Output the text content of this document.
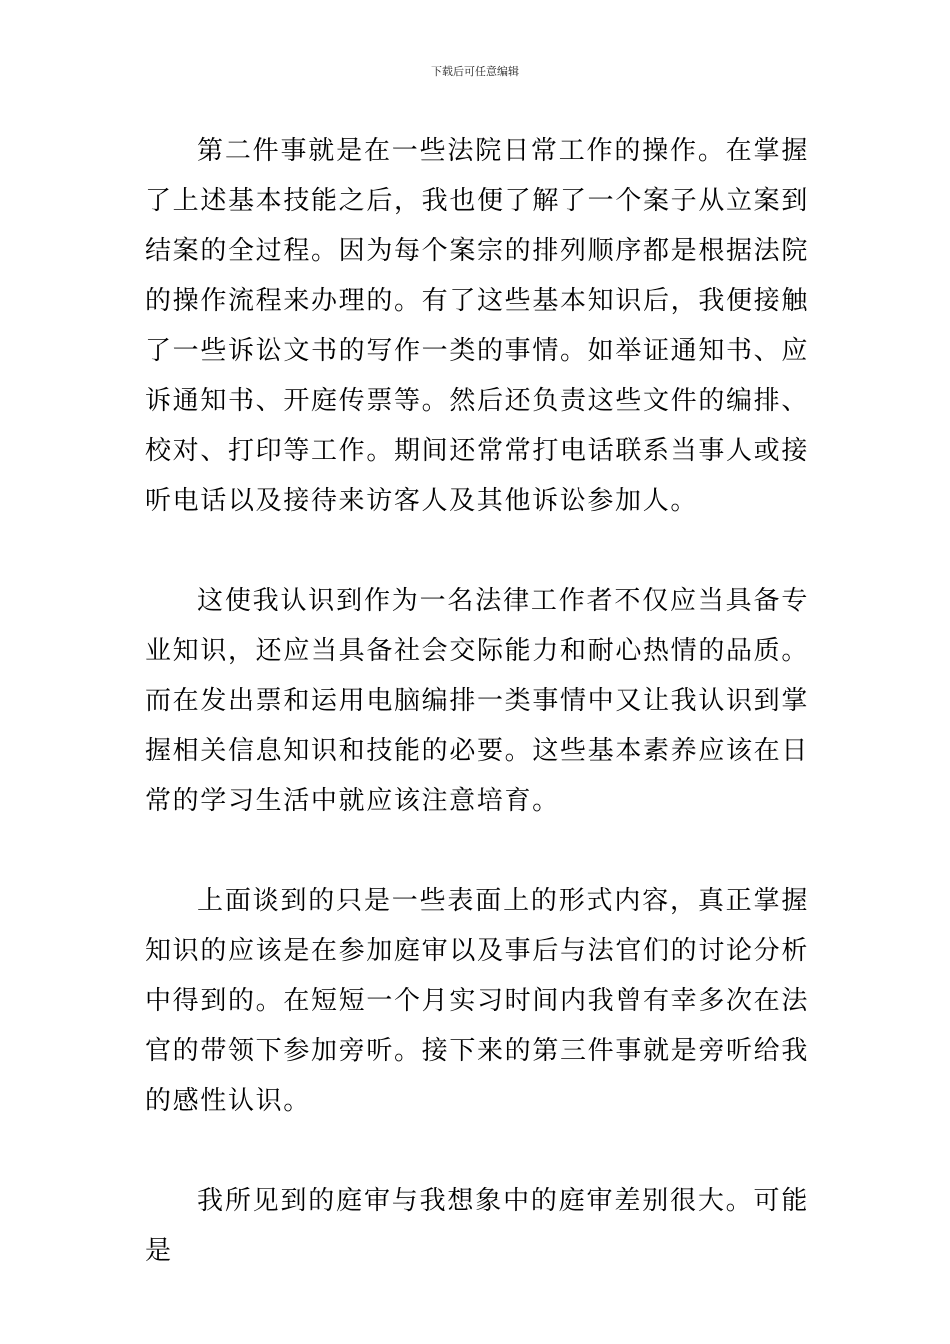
下载后可任意编辑

第二件事就是在一些法院日常工作的操作。在掌握了上述基本技能之后，我也便了解了一个案子从立案到结案的全过程。因为每个案宗的排列顺序都是根据法院的操作流程来办理的。有了这些基本知识后，我便接触了一些诉讼文书的写作一类的事情。如举证通知书、应诉通知书、开庭传票等。然后还负责这些文件的编排、校对、打印等工作。期间还常常打电话联系当事人或接听电话以及接待来访客人及其他诉讼参加人。

这使我认识到作为一名法律工作者不仅应当具备专业知识，还应当具备社会交际能力和耐心热情的品质。而在发出票和运用电脑编排一类事情中又让我认识到掌握相关信息知识和技能的必要。这些基本素养应该在日常的学习生活中就应该注意培育。

上面谈到的只是一些表面上的形式内容，真正掌握知识的应该是在参加庭审以及事后与法官们的讨论分析中得到的。在短短一个月实习时间内我曾有幸多次在法官的带领下参加旁听。接下来的第三件事就是旁听给我的感性认识。

我所见到的庭审与我想象中的庭审差别很大。可能是
